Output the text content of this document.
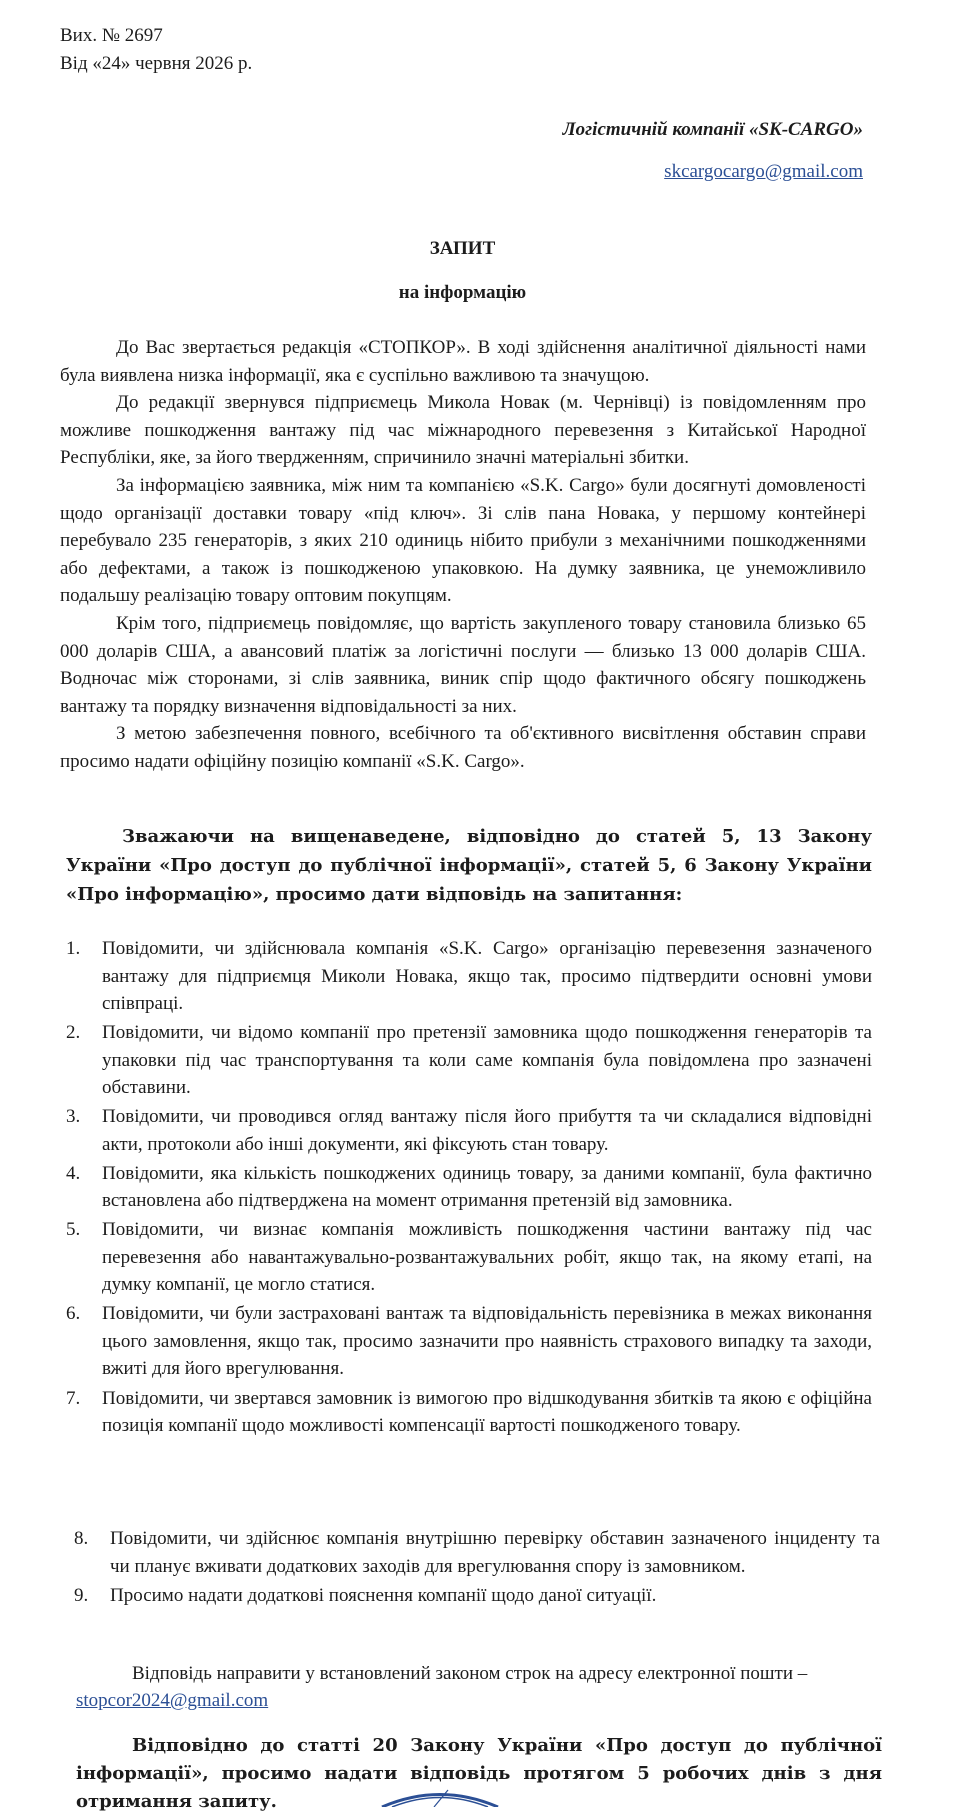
Вих. № 2697
Від «24» червня 2026 р.
Логістичній компанії «SK-CARGO»
skcargocargo@gmail.com
ЗАПИТ
на інформацію

До Вас звертається редакція «СТОПКОР». В ході здійснення аналітичної діяльності нами була виявлена низка інформації, яка є суспільно важливою та значущою.

До редакції звернувся підприємець Микола Новак (м. Чернівці) із повідомленням про можливе пошкодження вантажу під час міжнародного перевезення з Китайської Народної Республіки, яке, за його твердженням, спричинило значні матеріальні збитки.

За інформацією заявника, між ним та компанією «S.K. Cargo» були досягнуті домовленості щодо організації доставки товару «під ключ». Зі слів пана Новака, у першому контейнері перебувало 235 генераторів, з яких 210 одиниць нібито прибули з механічними пошкодженнями або дефектами, а також із пошкодженою упаковкою. На думку заявника, це унеможливило подальшу реалізацію товару оптовим покупцям.

Крім того, підприємець повідомляє, що вартість закупленого товару становила близько 65 000 доларів США, а авансовий платіж за логістичні послуги — близько 13 000 доларів США. Водночас між сторонами, зі слів заявника, виник спір щодо фактичного обсягу пошкоджень вантажу та порядку визначення відповідальності за них.

З метою забезпечення повного, всебічного та об'єктивного висвітлення обставин справи просимо надати офіційну позицію компанії «S.K. Cargo».

Зважаючи на вищенаведене, відповідно до статей 5, 13 Закону України «Про доступ до публічної інформації», статей 5, 6 Закону України «Про інформацію», просимо дати відповідь на запитання:

1. Повідомити, чи здійснювала компанія «S.K. Cargo» організацію перевезення зазначеного вантажу для підприємця Миколи Новака, якщо так, просимо підтвердити основні умови співпраці.
2. Повідомити, чи відомо компанії про претензії замовника щодо пошкодження генераторів та упаковки під час транспортування та коли саме компанія була повідомлена про зазначені обставини.
3. Повідомити, чи проводився огляд вантажу після його прибуття та чи складалися відповідні акти, протоколи або інші документи, які фіксують стан товару.
4. Повідомити, яка кількість пошкоджених одиниць товару, за даними компанії, була фактично встановлена або підтверджена на момент отримання претензій від замовника.
5. Повідомити, чи визнає компанія можливість пошкодження частини вантажу під час перевезення або навантажувально-розвантажувальних робіт, якщо так, на якому етапі, на думку компанії, це могло статися.
6. Повідомити, чи були застраховані вантаж та відповідальність перевізника в межах виконання цього замовлення, якщо так, просимо зазначити про наявність страхового випадку та заходи, вжиті для його врегулювання.
7. Повідомити, чи звертався замовник із вимогою про відшкодування збитків та якою є офіційна позиція компанії щодо можливості компенсації вартості пошкодженого товару.
8. Повідомити, чи здійснює компанія внутрішню перевірку обставин зазначеного інциденту та чи планує вживати додаткових заходів для врегулювання спору із замовником.
9. Просимо надати додаткові пояснення компанії щодо даної ситуації.

Відповідь направити у встановлений законом строк на адресу електронної пошти –
stopcor2024@gmail.com

Відповідно до статті 20 Закону України «Про доступ до публічної інформації», просимо надати відповідь протягом 5 робочих днів з дня отримання запиту.
